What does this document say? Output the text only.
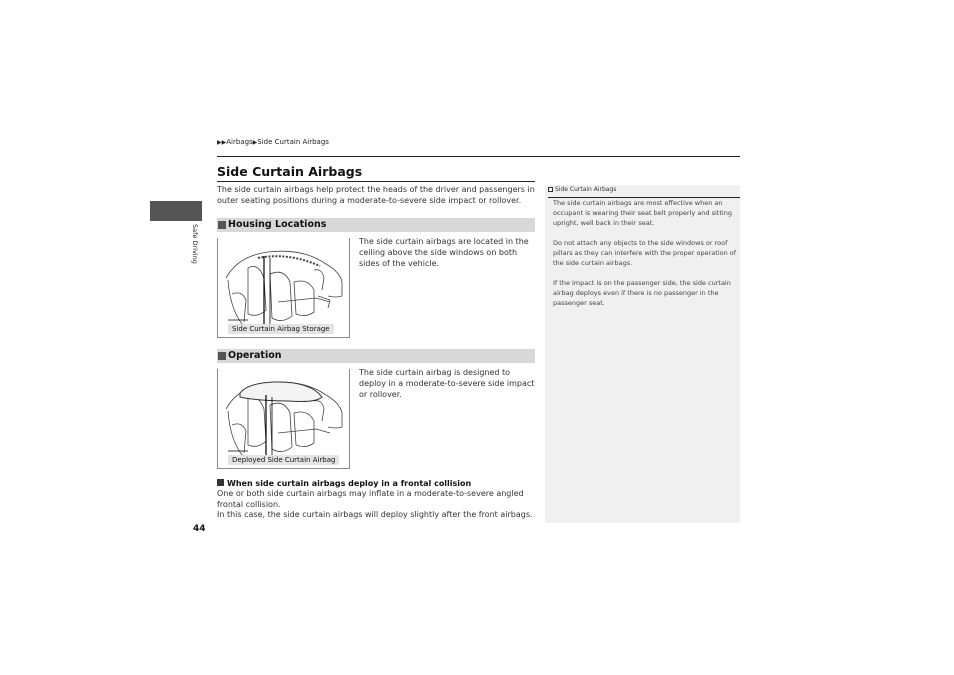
▶▶Airbags▶Side Curtain Airbags
Side Curtain Airbags
The side curtain airbags help protect the heads of the driver and passengers in outer seating positions during a moderate-to-severe side impact or rollover.
Housing Locations
Side Curtain Airbag Storage
The side curtain airbags are located in the ceiling above the side windows on both sides of the vehicle.
Operation
Deployed Side Curtain Airbag
The side curtain airbag is designed to deploy in a moderate-to-severe side impact or rollover.
When side curtain airbags deploy in a frontal collision
One or both side curtain airbags may inflate in a moderate-to-severe angled frontal collision.
In this case, the side curtain airbags will deploy slightly after the front airbags.
Side Curtain Airbags
The side curtain airbags are most effective when an occupant is wearing their seat belt properly and sitting upright, well back in their seat.
Do not attach any objects to the side windows or roof pillars as they can interfere with the proper operation of the side curtain airbags.
If the impact is on the passenger side, the side curtain airbag deploys even if there is no passenger in the passenger seat.
Safe Driving
44
